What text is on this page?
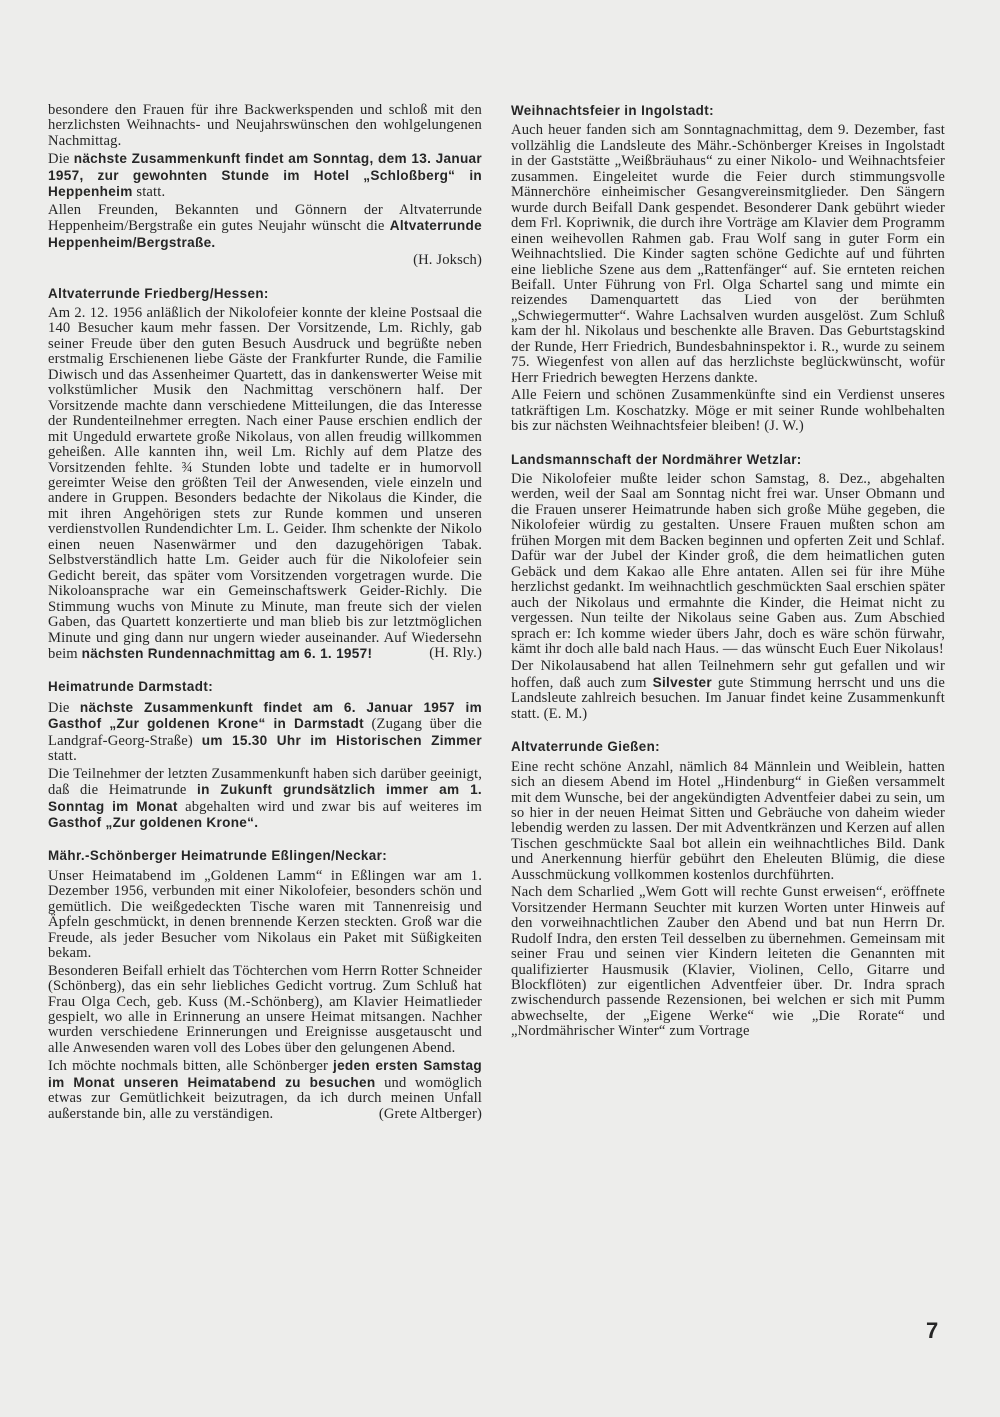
besondere den Frauen für ihre Backwerkspenden und schloß mit den herzlichsten Weihnachts- und Neujahrswünschen den wohlgelungenen Nachmittag.

Die nächste Zusammenkunft findet am Sonntag, dem 13. Januar 1957, zur gewohnten Stunde im Hotel „Schloßberg“ in Heppenheim statt.

Allen Freunden, Bekannten und Gönnern der Altvaterrunde Heppenheim/Bergstraße ein gutes Neujahr wünscht die Altvaterrunde Heppenheim/Bergstraße.

(H. Joksch)
Altvaterrunde Friedberg/Hessen:

Am 2. 12. 1956 anläßlich der Nikolofeier konnte der kleine Postsaal die 140 Besucher kaum mehr fassen. Der Vorsitzende, Lm. Richly, gab seiner Freude über den guten Besuch Ausdruck und begrüßte neben erstmalig Erschienenen liebe Gäste der Frankfurter Runde, die Familie Diwisch und das Assenheimer Quartett, das in dankenswerter Weise mit volkstümlicher Musik den Nachmittag verschönern half. Der Vorsitzende machte dann verschiedene Mitteilungen, die das Interesse der Rundenteilnehmer erregten. Nach einer Pause erschien endlich der mit Ungeduld erwartete große Nikolaus, von allen freudig willkommen geheißen. Alle kannten ihn, weil Lm. Richly auf dem Platze des Vorsitzenden fehlte. ¾ Stunden lobte und tadelte er in humorvoll gereimter Weise den größten Teil der Anwesenden, viele einzeln und andere in Gruppen. Besonders bedachte der Nikolaus die Kinder, die mit ihren Angehörigen stets zur Runde kommen und unseren verdienstvollen Rundendichter Lm. L. Geider. Ihm schenkte der Nikolo einen neuen Nasenwärmer und den dazugehörigen Tabak. Selbstverständlich hatte Lm. Geider auch für die Nikolofeier sein Gedicht bereit, das später vom Vorsitzenden vorgetragen wurde. Die Nikoloansprache war ein Gemeinschaftswerk Geider-Richly. Die Stimmung wuchs von Minute zu Minute, man freute sich der vielen Gaben, das Quartett konzertierte und man blieb bis zur letztmöglichen Minute und ging dann nur ungern wieder auseinander. Auf Wiedersehn beim nächsten Rundennachmittag am 6. 1. 1957!	(H. Rly.)

Heimatrunde Darmstadt:

Die nächste Zusammenkunft findet am 6. Januar 1957 im Gasthof „Zur goldenen Krone“ in Darmstadt (Zugang über die Landgraf-Georg-Straße) um 15.30 Uhr im Historischen Zimmer statt.

Die Teilnehmer der letzten Zusammenkunft haben sich darüber geeinigt, daß die Heimatrunde in Zukunft grundsätzlich immer am 1. Sonntag im Monat abgehalten wird und zwar bis auf weiteres im Gasthof „Zur goldenen Krone“.

Mähr.-Schönberger Heimatrunde Eßlingen/Neckar:

Unser Heimatabend im „Goldenen Lamm“ in Eßlingen war am 1. Dezember 1956, verbunden mit einer Nikolofeier, besonders schön und gemütlich. Die weißgedeckten Tische waren mit Tannenreisig und Äpfeln geschmückt, in denen brennende Kerzen steckten. Groß war die Freude, als jeder Besucher vom Nikolaus ein Paket mit Süßigkeiten bekam.

Besonderen Beifall erhielt das Töchterchen vom Herrn Rotter Schneider (Schönberg), das ein sehr liebliches Gedicht vortrug. Zum Schluß hat Frau Olga Cech, geb. Kuss (M.-Schönberg), am Klavier Heimatlieder gespielt, wo alle in Erinnerung an unsere Heimat mitsangen. Nachher wurden verschiedene Erinnerungen und Ereignisse ausgetauscht und alle Anwesenden waren voll des Lobes über den gelungenen Abend.

Ich möchte nochmals bitten, alle Schönberger jeden ersten Samstag im Monat unseren Heimatabend zu besuchen und womöglich etwas zur Gemütlichkeit beizutragen, da ich durch meinen Unfall außerstande bin, alle zu verständigen.	(Grete Altberger)

Weihnachtsfeier in Ingolstadt:

Auch heuer fanden sich am Sonntagnachmittag, dem 9. Dezember, fast vollzählig die Landsleute des Mähr.-Schönberger Kreises in Ingolstadt in der Gaststätte „Weißbräuhaus“ zu einer Nikolo- und Weihnachtsfeier zusammen. Eingeleitet wurde die Feier durch stimmungsvolle Männerchöre einheimischer Gesangvereinsmitglieder. Den Sängern wurde durch Beifall Dank gespendet. Besonderer Dank gebührt wieder dem Frl. Kopriwnik, die durch ihre Vorträge am Klavier dem Programm einen weihevollen Rahmen gab. Frau Wolf sang in guter Form ein Weihnachtslied. Die Kinder sagten schöne Gedichte auf und führten eine liebliche Szene aus dem „Rattenfänger“ auf. Sie ernteten reichen Beifall. Unter Führung von Frl. Olga Schartel sang und mimte ein reizendes Damenquartett das Lied von der berühmten „Schwiegermutter“. Wahre Lachsalven wurden ausgelöst. Zum Schluß kam der hl. Nikolaus und beschenkte alle Braven. Das Geburtstagskind der Runde, Herr Friedrich, Bundesbahninspektor i. R., wurde zu seinem 75. Wiegenfest von allen auf das herzlichste beglückwünscht, wofür Herr Friedrich bewegten Herzens dankte.

Alle Feiern und schönen Zusammenkünfte sind ein Verdienst unseres tatkräftigen Lm. Koschatzky. Möge er mit seiner Runde wohlbehalten bis zur nächsten Weihnachtsfeier bleiben! (J. W.)

Landsmannschaft der Nordmährer Wetzlar:

Die Nikolofeier mußte leider schon Samstag, 8. Dez., abgehalten werden, weil der Saal am Sonntag nicht frei war. Unser Obmann und die Frauen unserer Heimatrunde haben sich große Mühe gegeben, die Nikolofeier würdig zu gestalten. Unsere Frauen mußten schon am frühen Morgen mit dem Backen beginnen und opferten Zeit und Schlaf. Dafür war der Jubel der Kinder groß, die dem heimatlichen guten Gebäck und dem Kakao alle Ehre antaten. Allen sei für ihre Mühe herzlichst gedankt. Im weihnachtlich geschmückten Saal erschien später auch der Nikolaus und ermahnte die Kinder, die Heimat nicht zu vergessen. Nun teilte der Nikolaus seine Gaben aus. Zum Abschied sprach er: Ich komme wieder übers Jahr, doch es wäre schön fürwahr, kämt ihr doch alle bald nach Haus. — das wünscht Euch Euer Nikolaus!

Der Nikolausabend hat allen Teilnehmern sehr gut gefallen und wir hoffen, daß auch zum Silvester gute Stimmung herrscht und uns die Landsleute zahlreich besuchen. Im Januar findet keine Zusammenkunft statt. (E. M.)

Altvaterrunde Gießen:

Eine recht schöne Anzahl, nämlich 84 Männlein und Weiblein, hatten sich an diesem Abend im Hotel „Hindenburg“ in Gießen versammelt mit dem Wunsche, bei der angekündigten Adventfeier dabei zu sein, um so hier in der neuen Heimat Sitten und Gebräuche von daheim wieder lebendig werden zu lassen. Der mit Adventkränzen und Kerzen auf allen Tischen geschmückte Saal bot allein ein weihnachtliches Bild. Dank und Anerkennung hierfür gebührt den Eheleuten Blümig, die diese Ausschmückung vollkommen kostenlos durchführten.

Nach dem Scharlied „Wem Gott will rechte Gunst erweisen“, eröffnete Vorsitzender Hermann Seuchter mit kurzen Worten unter Hinweis auf den vorweihnachtlichen Zauber den Abend und bat nun Herrn Dr. Rudolf Indra, den ersten Teil desselben zu übernehmen. Gemeinsam mit seiner Frau und seinen vier Kindern leiteten die Genannten mit qualifizierter Hausmusik (Klavier, Violinen, Cello, Gitarre und Blockflöten) zur eigentlichen Adventfeier über. Dr. Indra sprach zwischendurch passende Rezensionen, bei welchen er sich mit Pumm abwechselte, der „Eigene Werke“ wie „Die Rorate“ und „Nordmährischer Winter“ zum Vortrage

7
